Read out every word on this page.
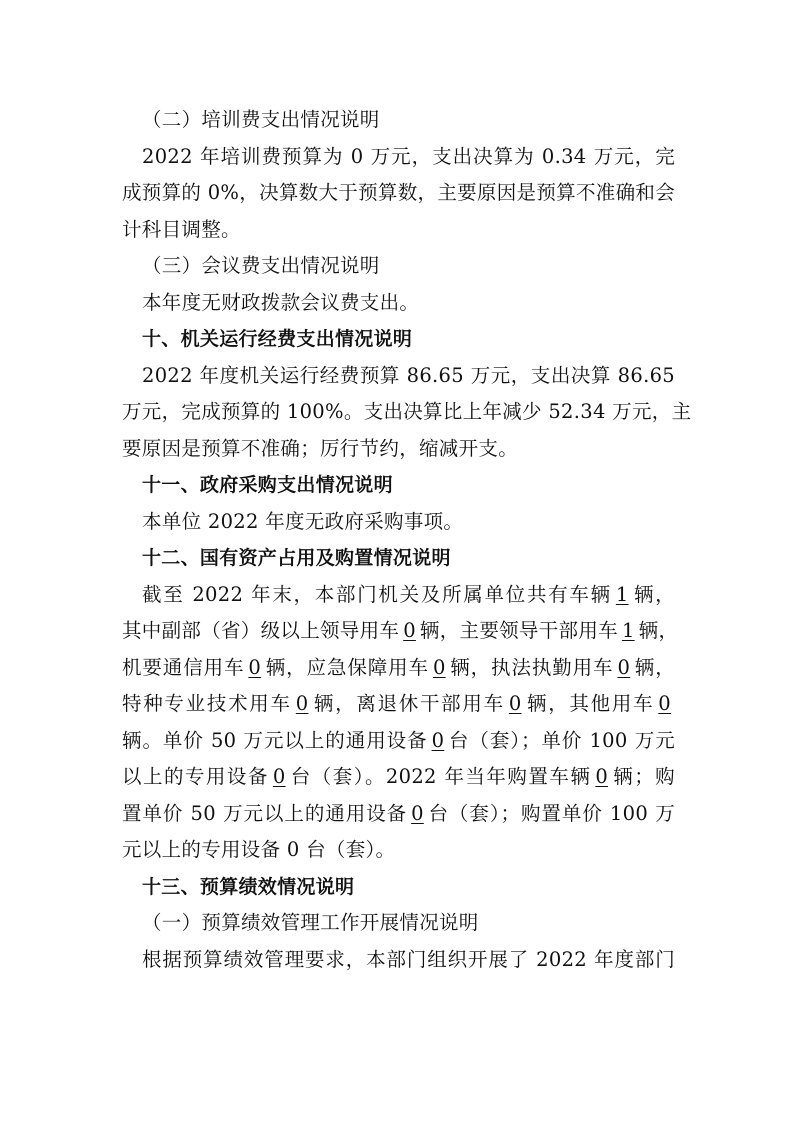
（二）培训费支出情况说明
2022 年培训费预算为 0 万元，支出决算为 0.34 万元，完
成预算的 0%，决算数大于预算数，主要原因是预算不准确和会
计科目调整。
（三）会议费支出情况说明
本年度无财政拨款会议费支出。
十、机关运行经费支出情况说明
2022 年度机关运行经费预算 86.65 万元，支出决算 86.65
万元，完成预算的 100%。支出决算比上年减少 52.34 万元，主
要原因是预算不准确；厉行节约，缩减开支。
十一、政府采购支出情况说明
本单位 2022 年度无政府采购事项。
十二、国有资产占用及购置情况说明
截至 2022 年末，本部门机关及所属单位共有车辆 1 辆，
其中副部（省）级以上领导用车 0 辆，主要领导干部用车 1 辆，
机要通信用车 0 辆，应急保障用车 0 辆，执法执勤用车 0 辆，
特种专业技术用车 0 辆，离退休干部用车 0 辆，其他用车 0
辆。单价 50 万元以上的通用设备 0 台（套）；单价 100 万元
以上的专用设备 0 台（套）。2022 年当年购置车辆 0 辆；购
置单价 50 万元以上的通用设备 0 台（套）；购置单价 100 万
元以上的专用设备 0 台（套）。
十三、预算绩效情况说明
（一）预算绩效管理工作开展情况说明
根据预算绩效管理要求，本部门组织开展了 2022 年度部门
